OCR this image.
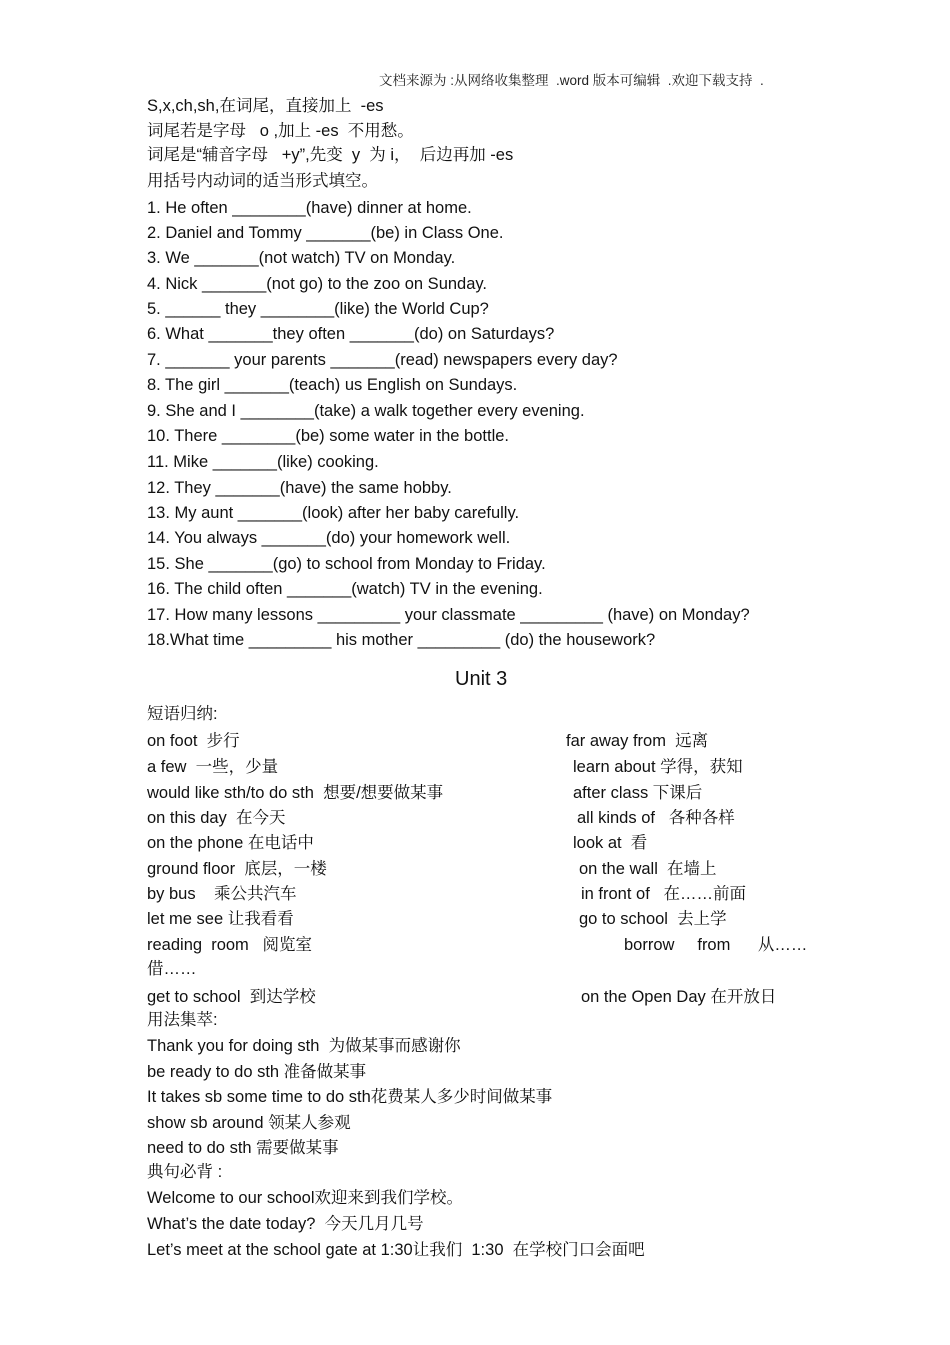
文档来源为 :从网络收集整理  .word 版本可编辑  .欢迎下载支持  .
S,x,ch,sh,在词尾，直接加上  -es
词尾若是字母   o ,加上 -es  不用愁。
词尾是“辅音字母   +y”,先变  y  为 i，  后边再加 -es
用括号内动词的适当形式填空。
1. He often ________(have) dinner at home.
2. Daniel and Tommy _______(be) in Class One.
3. We _______(not watch) TV on Monday.
4. Nick _______(not go) to the zoo on Sunday.
5. ______ they ________(like) the World Cup?
6. What _______they often _______(do) on Saturdays?
7. _______ your parents _______(read) newspapers every day?
8. The girl _______(teach) us English on Sundays.
9. She and I ________(take) a walk together every evening.
10. There ________(be) some water in the bottle.
11. Mike _______(like) cooking.
12. They _______(have) the same hobby.
13. My aunt _______(look) after her baby carefully.
14. You always _______(do) your homework well.
15. She _______(go) to school from Monday to Friday.
16. The child often _______(watch) TV in the evening.
17. How many lessons _________ your classmate _________ (have) on Monday?
18.What time _________ his mother _________ (do) the housework?
Unit 3
短语归纳:
on foot  步行
a few  一些，少量
would like sth/to do sth  想要/想要做某事
on this day  在今天
on the phone 在电话中
ground floor  底层，一楼
by bus    乘公共汽车
let me see 让我看看
reading  room   阅览室
借……
get to school  到达学校
far away from  远离
learn about 学得，获知
after class 下课后
all kinds of   各种各样
look at  看
on the wall  在墙上
in front of   在……前面
go to school  去上学
borrow     from      从……
on the Open Day 在开放日
用法集萃:
Thank you for doing sth  为做某事而感谢你
be ready to do sth 准备做某事
It takes sb some time to do sth花费某人多少时间做某事
show sb around 领某人参观
need to do sth 需要做某事
典句必背 :
Welcome to our school欢迎来到我们学校。
What’s the date today?  今天几月几号
Let’s meet at the school gate at 1:30让我们  1:30  在学校门口会面吧
